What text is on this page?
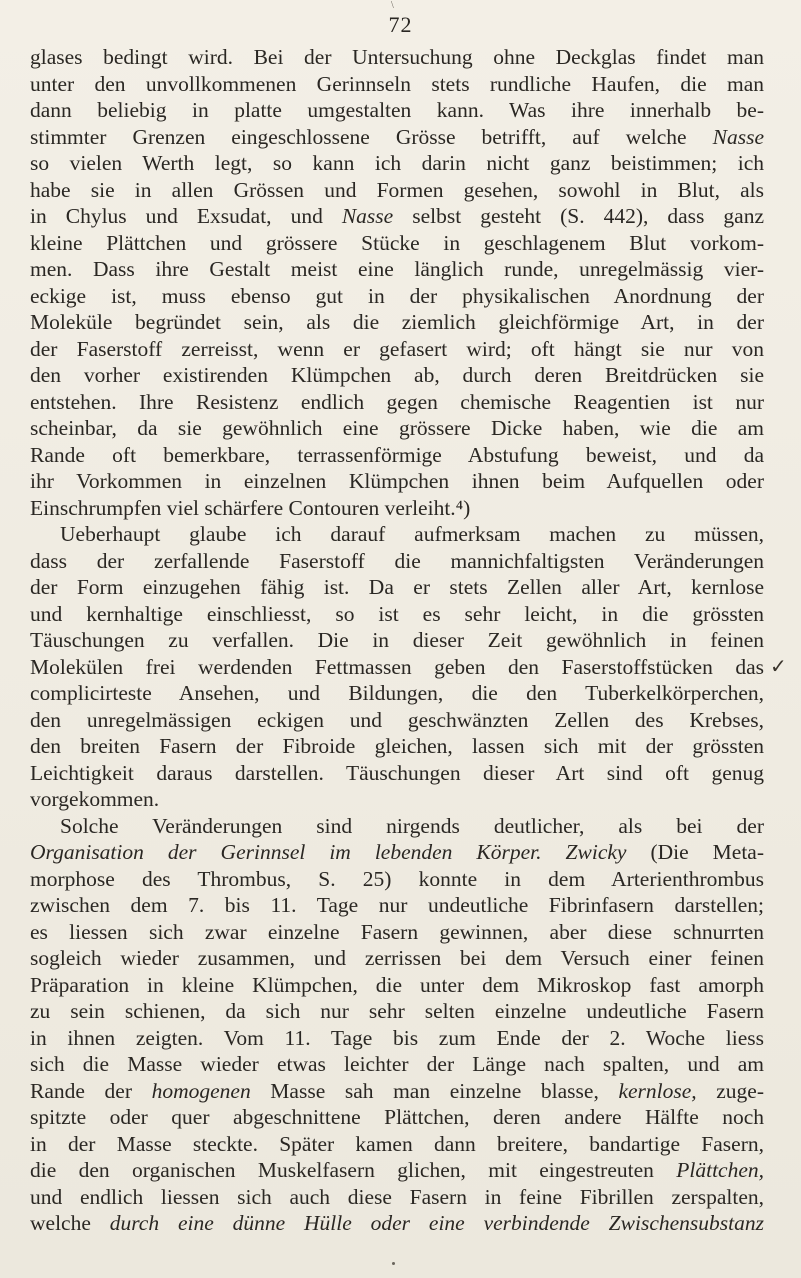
\
72
glases bedingt wird. Bei der Untersuchung ohne Deckglas findet man
unter den unvollkommenen Gerinnseln stets rundliche Haufen, die man
dann beliebig in platte umgestalten kann. Was ihre innerhalb be-
stimmter Grenzen eingeschlossene Grösse betrifft, auf welche Nasse
so vielen Werth legt, so kann ich darin nicht ganz beistimmen; ich
habe sie in allen Grössen und Formen gesehen, sowohl in Blut, als
in Chylus und Exsudat, und Nasse selbst gesteht (S. 442), dass ganz
kleine Plättchen und grössere Stücke in geschlagenem Blut vorkom-
men. Dass ihre Gestalt meist eine länglich runde, unregelmässig vier-
eckige ist, muss ebenso gut in der physikalischen Anordnung der
Moleküle begründet sein, als die ziemlich gleichförmige Art, in der
der Faserstoff zerreisst, wenn er gefasert wird; oft hängt sie nur von
den vorher existirenden Klümpchen ab, durch deren Breitdrücken sie
entstehen. Ihre Resistenz endlich gegen chemische Reagentien ist nur
scheinbar, da sie gewöhnlich eine grössere Dicke haben, wie die am
Rande oft bemerkbare, terrassenförmige Abstufung beweist, und da
ihr Vorkommen in einzelnen Klümpchen ihnen beim Aufquellen oder
Einschrumpfen viel schärfere Contouren verleiht.⁴)
Ueberhaupt glaube ich darauf aufmerksam machen zu müssen,
dass der zerfallende Faserstoff die mannichfaltigsten Veränderungen
der Form einzugehen fähig ist. Da er stets Zellen aller Art, kernlose
und kernhaltige einschliesst, so ist es sehr leicht, in die grössten
Täuschungen zu verfallen. Die in dieser Zeit gewöhnlich in feinen
Molekülen frei werdenden Fettmassen geben den Faserstoffstücken das
complicirteste Ansehen, und Bildungen, die den Tuberkelkörperchen,
den unregelmässigen eckigen und geschwänzten Zellen des Krebses,
den breiten Fasern der Fibroide gleichen, lassen sich mit der grössten
Leichtigkeit daraus darstellen. Täuschungen dieser Art sind oft genug
vorgekommen.
Solche Veränderungen sind nirgends deutlicher, als bei der
Organisation der Gerinnsel im lebenden Körper. Zwicky (Die Meta-
morphose des Thrombus, S. 25) konnte in dem Arterienthrombus
zwischen dem 7. bis 11. Tage nur undeutliche Fibrinfasern darstellen;
es liessen sich zwar einzelne Fasern gewinnen, aber diese schnurrten
sogleich wieder zusammen, und zerrissen bei dem Versuch einer feinen
Präparation in kleine Klümpchen, die unter dem Mikroskop fast amorph
zu sein schienen, da sich nur sehr selten einzelne undeutliche Fasern
in ihnen zeigten. Vom 11. Tage bis zum Ende der 2. Woche liess
sich die Masse wieder etwas leichter der Länge nach spalten, und am
Rande der homogenen Masse sah man einzelne blasse, kernlose, zuge-
spitzte oder quer abgeschnittene Plättchen, deren andere Hälfte noch
in der Masse steckte. Später kamen dann breitere, bandartige Fasern,
die den organischen Muskelfasern glichen, mit eingestreuten Plättchen,
und endlich liessen sich auch diese Fasern in feine Fibrillen zerspalten,
welche durch eine dünne Hülle oder eine verbindende Zwischensubstanz
✓
